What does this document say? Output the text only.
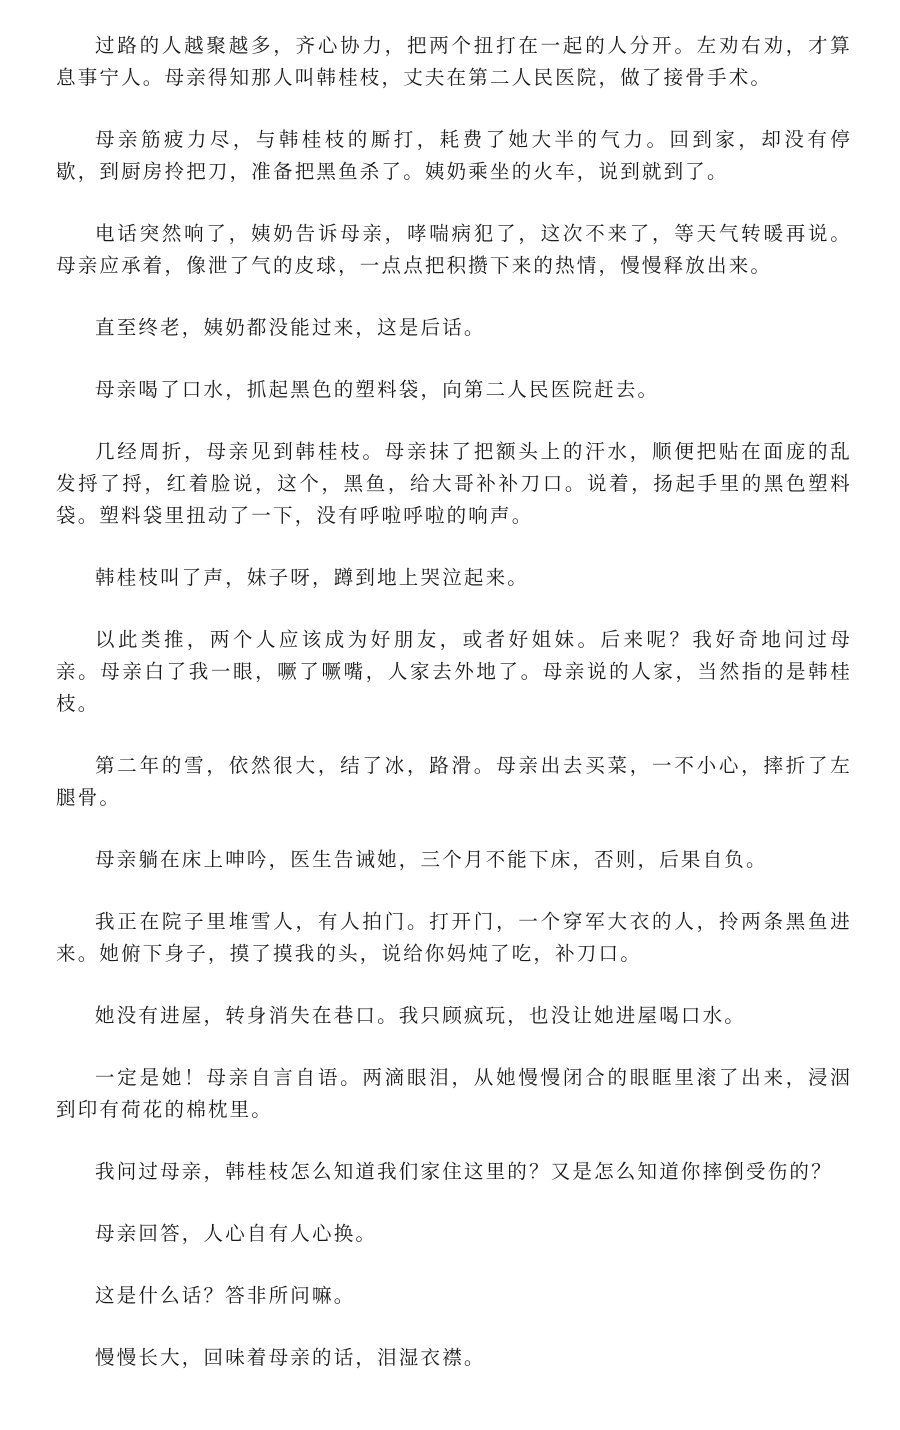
过路的人越聚越多，齐心协力，把两个扭打在一起的人分开。左劝右劝，才算息事宁人。母亲得知那人叫韩桂枝，丈夫在第二人民医院，做了接骨手术。

母亲筋疲力尽，与韩桂枝的厮打，耗费了她大半的气力。回到家，却没有停歇，到厨房拎把刀，准备把黑鱼杀了。姨奶乘坐的火车，说到就到了。

电话突然响了，姨奶告诉母亲，哮喘病犯了，这次不来了，等天气转暖再说。母亲应承着，像泄了气的皮球，一点点把积攒下来的热情，慢慢释放出来。

直至终老，姨奶都没能过来，这是后话。

母亲喝了口水，抓起黑色的塑料袋，向第二人民医院赶去。

几经周折，母亲见到韩桂枝。母亲抹了把额头上的汗水，顺便把贴在面庞的乱发捋了捋，红着脸说，这个，黑鱼，给大哥补补刀口。说着，扬起手里的黑色塑料袋。塑料袋里扭动了一下，没有呼啦呼啦的响声。

韩桂枝叫了声，妹子呀，蹲到地上哭泣起来。

以此类推，两个人应该成为好朋友，或者好姐妹。后来呢？我好奇地问过母亲。母亲白了我一眼，噘了噘嘴，人家去外地了。母亲说的人家，当然指的是韩桂枝。

第二年的雪，依然很大，结了冰，路滑。母亲出去买菜，一不小心，摔折了左腿骨。

母亲躺在床上呻吟，医生告诫她，三个月不能下床，否则，后果自负。

我正在院子里堆雪人，有人拍门。打开门，一个穿军大衣的人，拎两条黑鱼进来。她俯下身子，摸了摸我的头，说给你妈炖了吃，补刀口。

她没有进屋，转身消失在巷口。我只顾疯玩，也没让她进屋喝口水。

一定是她！母亲自言自语。两滴眼泪，从她慢慢闭合的眼眶里滚了出来，浸洇到印有荷花的棉枕里。

我问过母亲，韩桂枝怎么知道我们家住这里的？又是怎么知道你摔倒受伤的？

母亲回答，人心自有人心换。

这是什么话？答非所问嘛。

慢慢长大，回味着母亲的话，泪湿衣襟。
